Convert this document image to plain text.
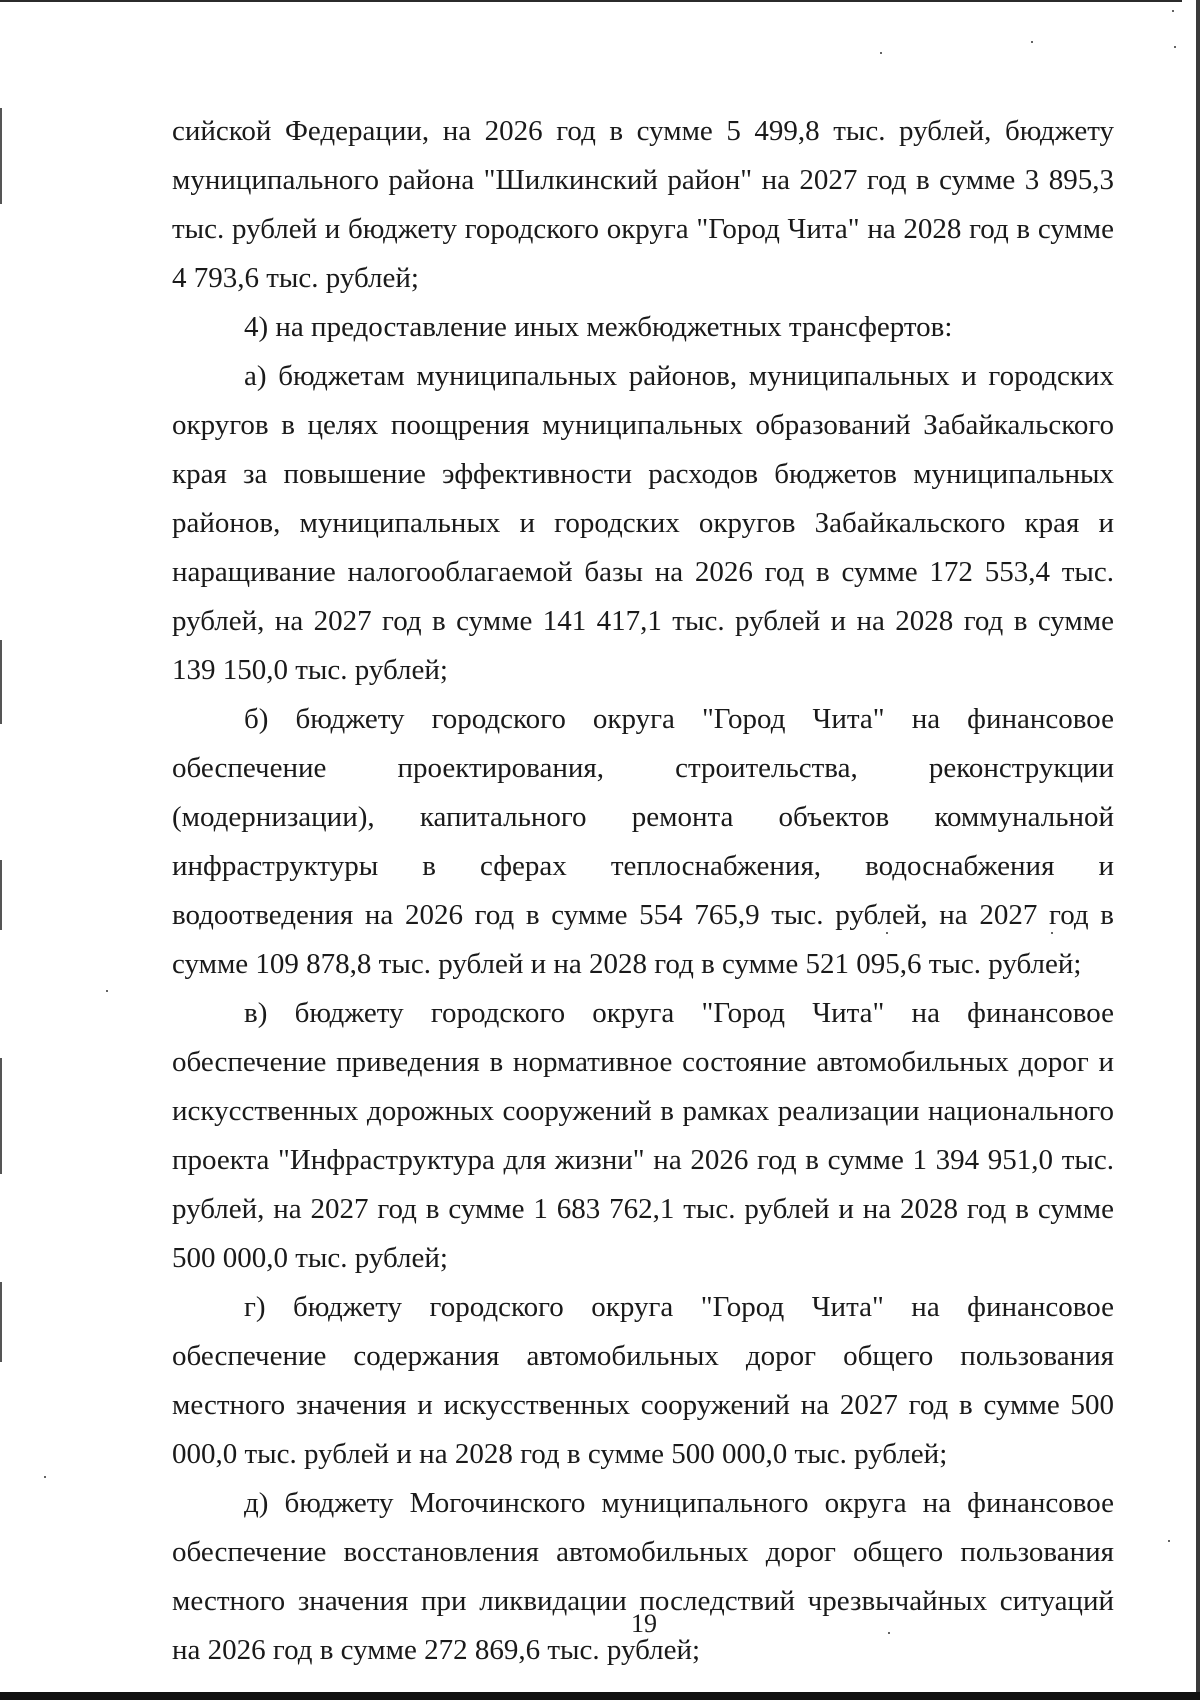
сийской Федерации, на 2026 год в сумме 5 499,8 тыс. рублей, бюджету муниципального района "Шилкинский район" на 2027 год в сумме 3 895,3 тыс. рублей и бюджету городского округа "Город Чита" на 2028 год в сумме 4 793,6 тыс. рублей;

4) на предоставление иных межбюджетных трансфертов:

а) бюджетам муниципальных районов, муниципальных и городских округов в целях поощрения муниципальных образований Забайкальского края за повышение эффективности расходов бюджетов муниципальных районов, муниципальных и городских округов Забайкальского края и наращивание налогооблагаемой базы на 2026 год в сумме 172 553,4 тыс. рублей, на 2027 год в сумме 141 417,1 тыс. рублей и на 2028 год в сумме 139 150,0 тыс. рублей;

б) бюджету городского округа "Город Чита" на финансовое обеспечение проектирования, строительства, реконструкции (модернизации), капитального ремонта объектов коммунальной инфраструктуры в сферах теплоснабжения, водоснабжения и водоотведения на 2026 год в сумме 554 765,9 тыс. рублей, на 2027 год в сумме 109 878,8 тыс. рублей и на 2028 год в сумме 521 095,6 тыс. рублей;

в) бюджету городского округа "Город Чита" на финансовое обеспечение приведения в нормативное состояние автомобильных дорог и искусственных дорожных сооружений в рамках реализации национального проекта "Инфраструктура для жизни" на 2026 год в сумме 1 394 951,0 тыс. рублей, на 2027 год в сумме 1 683 762,1 тыс. рублей и на 2028 год в сумме 500 000,0 тыс. рублей;

г) бюджету городского округа "Город Чита" на финансовое обеспечение содержания автомобильных дорог общего пользования местного значения и искусственных сооружений на 2027 год в сумме 500 000,0 тыс. рублей и на 2028 год в сумме 500 000,0 тыс. рублей;

д) бюджету Могочинского муниципального округа на финансовое обеспечение восстановления автомобильных дорог общего пользования местного значения при ликвидации последствий чрезвычайных ситуаций на 2026 год в сумме 272 869,6 тыс. рублей;

19
